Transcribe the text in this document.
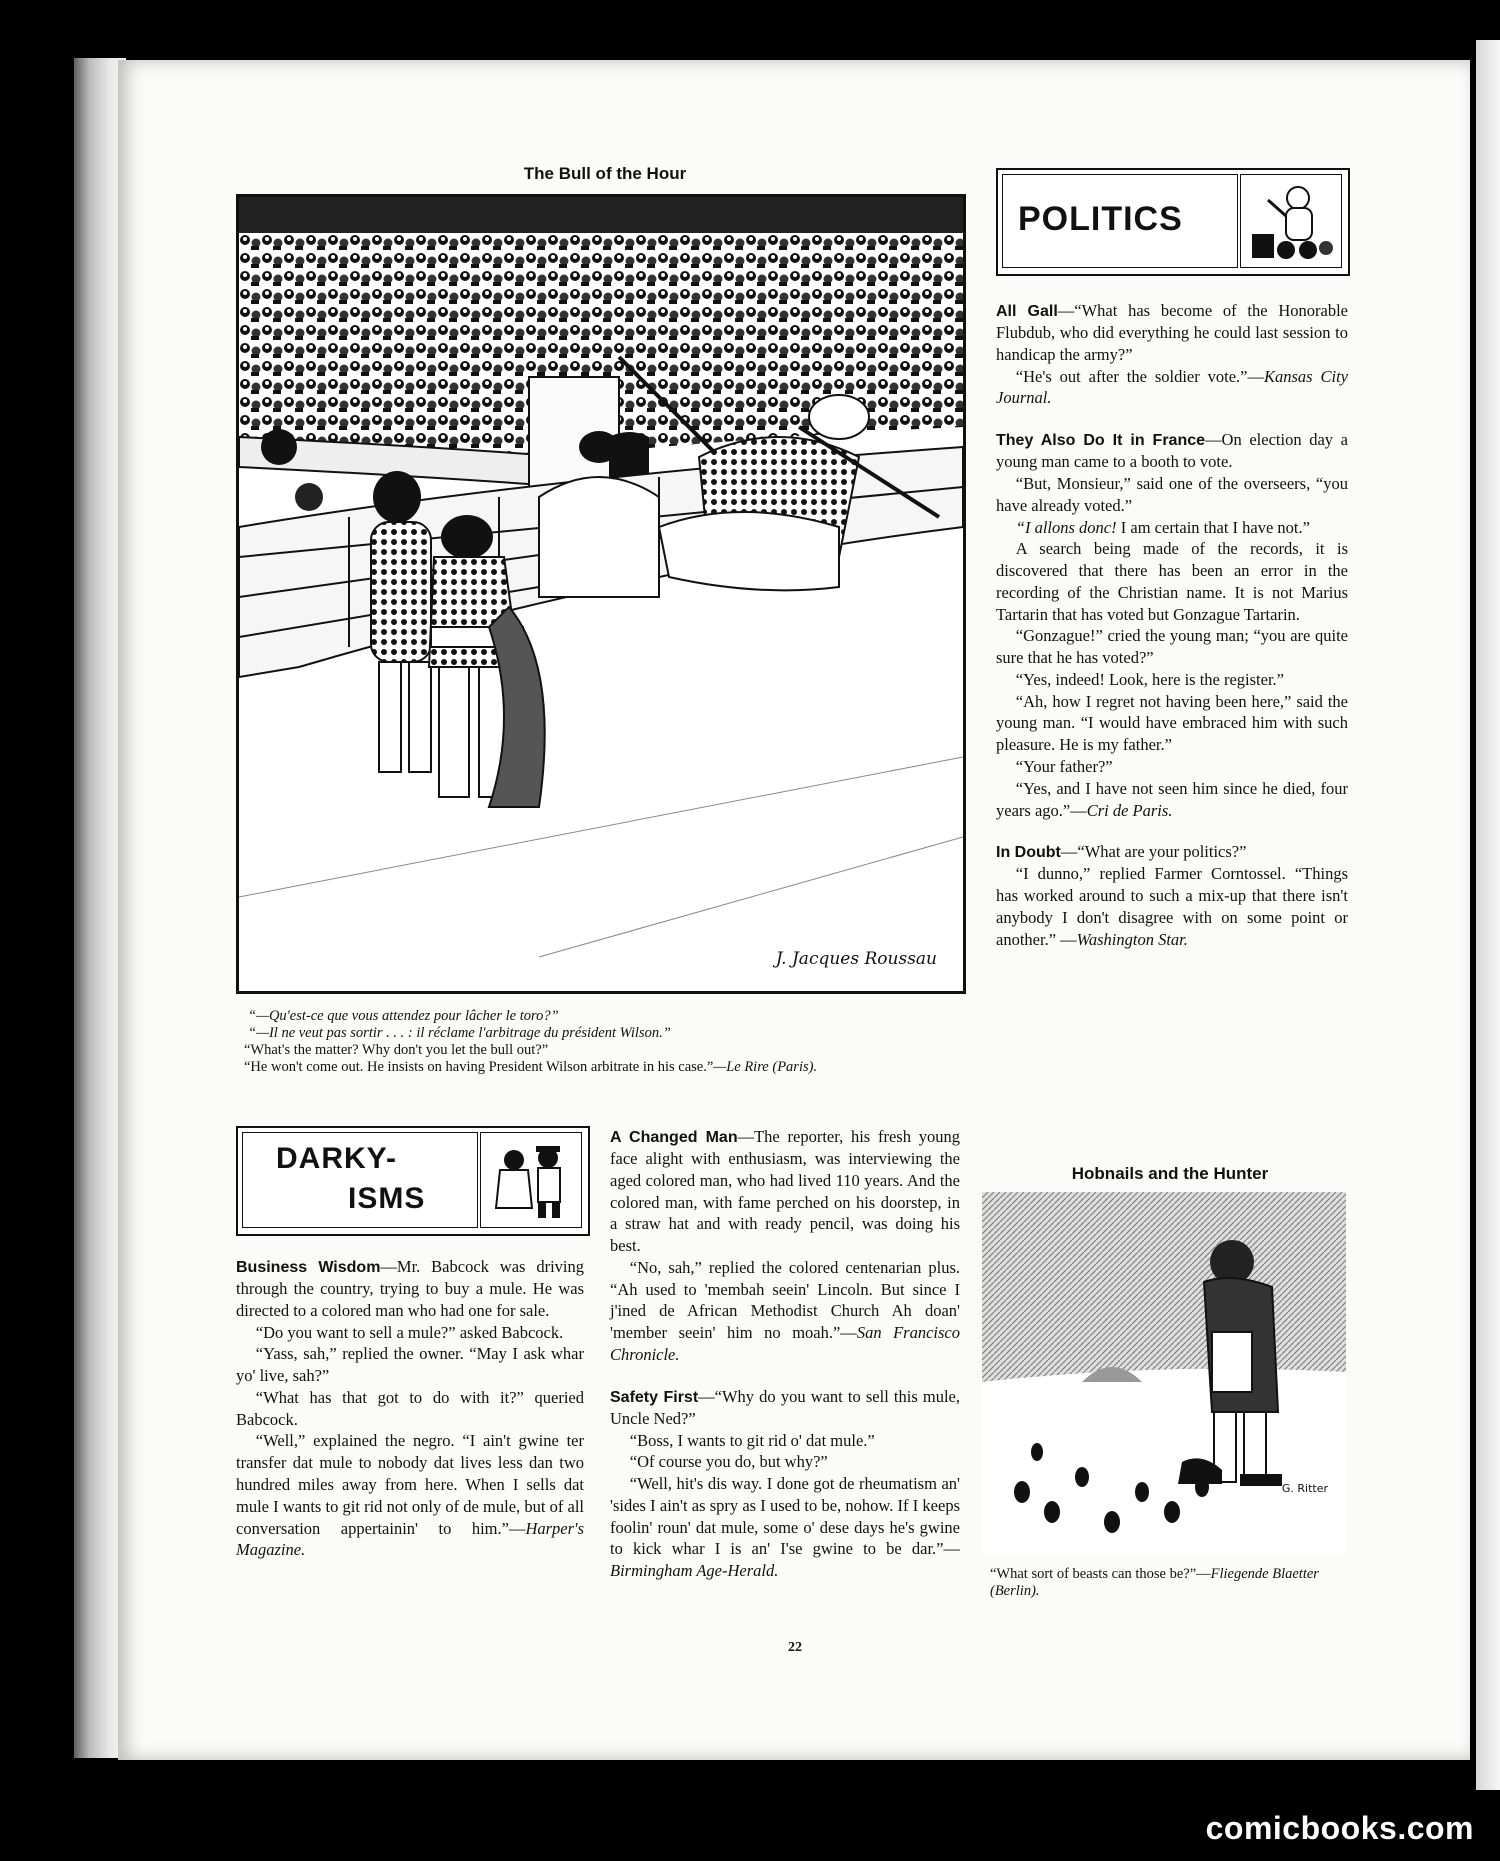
The Bull of the Hour
J. Jacques Roussau
“—Qu'est-ce que vous attendez pour lâcher le toro?”
“—Il ne veut pas sortir . . . : il réclame l'arbitrage du président Wilson.”
“What's the matter? Why don't you let the bull out?”
“He won't come out. He insists on having President Wilson arbitrate in his case.”—Le Rire (Paris).
POLITICS

All Gall—“What has become of the Honorable Flubdub, who did everything he could last session to handicap the army?”

“He's out after the soldier vote.”—Kansas City Journal.

They Also Do It in France—On election day a young man came to a booth to vote.

“But, Monsieur,” said one of the overseers, “you have already voted.”

“I allons donc! I am certain that I have not.”

A search being made of the records, it is discovered that there has been an error in the recording of the Christian name. It is not Marius Tartarin that has voted but Gonzague Tartarin.

“Gonzague!” cried the young man; “you are quite sure that he has voted?”

“Yes, indeed! Look, here is the register.”

“Ah, how I regret not having been here,” said the young man. “I would have embraced him with such pleasure. He is my father.”

“Your father?”

“Yes, and I have not seen him since he died, four years ago.”—Cri de Paris.

In Doubt—“What are your politics?”

“I dunno,” replied Farmer Corntossel. “Things has worked around to such a mix-up that there isn't anybody I don't disagree with on some point or another.” —Washington Star.

Hobnails and the Hunter
G. Ritter
“What sort of beasts can those be?”—Fliegende Blaetter (Berlin).
DARKY-
ISMS

Business Wisdom—Mr. Babcock was driving through the country, trying to buy a mule. He was directed to a colored man who had one for sale.

“Do you want to sell a mule?” asked Babcock.

“Yass, sah,” replied the owner. “May I ask whar yo' live, sah?”

“What has that got to do with it?” queried Babcock.

“Well,” explained the negro. “I ain't gwine ter transfer dat mule to nobody dat lives less dan two hundred miles away from here. When I sells dat mule I wants to git rid not only of de mule, but of all conversation appertainin' to him.”—Harper's Magazine.

A Changed Man—The reporter, his fresh young face alight with enthusiasm, was interviewing the aged colored man, who had lived 110 years. And the colored man, with fame perched on his doorstep, in a straw hat and with ready pencil, was doing his best.

“No, sah,” replied the colored centenarian plus. “Ah used to 'membah seein' Lincoln. But since I j'ined de African Methodist Church Ah doan' 'member seein' him no moah.”—San Francisco Chronicle.

Safety First—“Why do you want to sell this mule, Uncle Ned?”

“Boss, I wants to git rid o' dat mule.”

“Of course you do, but why?”

“Well, hit's dis way. I done got de rheumatism an' 'sides I ain't as spry as I used to be, nohow. If I keeps foolin' roun' dat mule, some o' dese days he's gwine to kick whar I is an' I'se gwine to be dar.”—Birmingham Age-Herald.

22
comicbooks.com
